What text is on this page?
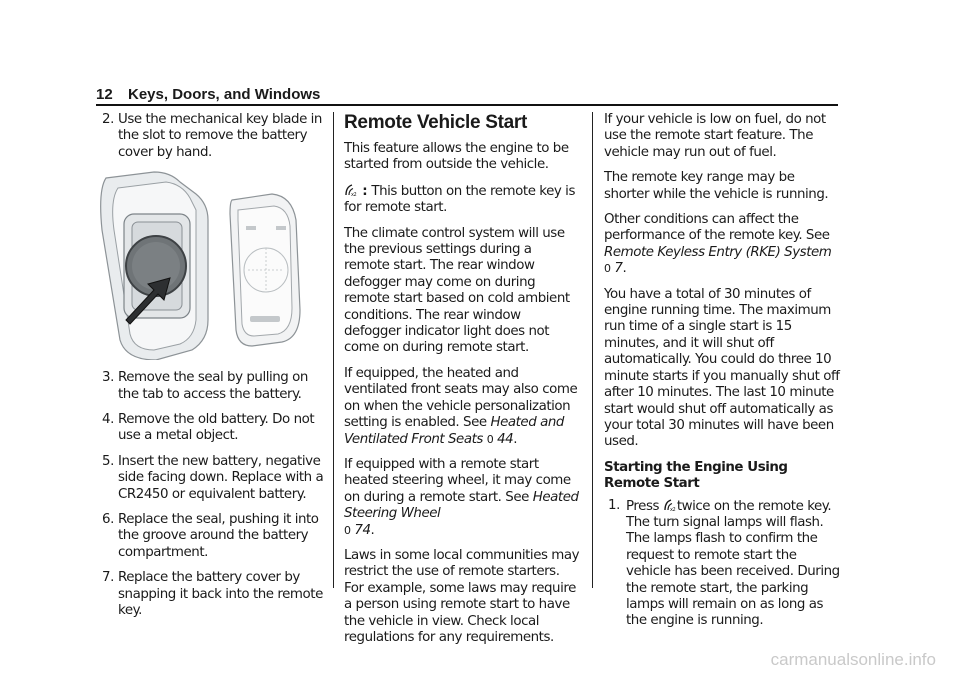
12 Keys, Doors, and Windows
2. Use the mechanical key blade in the slot to remove the battery cover by hand.
3. Remove the seal by pulling on the tab to access the battery.
4. Remove the old battery. Do not use a metal object.
5. Insert the new battery, negative side facing down. Replace with a CR2450 or equivalent battery.
6. Replace the seal, pushing it into the groove around the battery compartment.
7. Replace the battery cover by snapping it back into the remote key.
Remote Vehicle Start

This feature allows the engine to be started from outside the vehicle.

x2 : This button on the remote key is for remote start.

The climate control system will use the previous settings during a remote start. The rear window defogger may come on during remote start based on cold ambient conditions. The rear window defogger indicator light does not come on during remote start.

If equipped, the heated and ventilated front seats may also come on when the vehicle personalization setting is enabled. See Heated and Ventilated Front Seats 0 44.

If equipped with a remote start heated steering wheel, it may come on during a remote start. See Heated Steering Wheel
0 74.

Laws in some local communities may restrict the use of remote starters. For example, some laws may require a person using remote start to have the vehicle in view. Check local regulations for any requirements.

If your vehicle is low on fuel, do not use the remote start feature. The vehicle may run out of fuel.

The remote key range may be shorter while the vehicle is running.

Other conditions can affect the performance of the remote key. See Remote Keyless Entry (RKE) System 0 7.

You have a total of 30 minutes of engine running time. The maximum run time of a single start is 15 minutes, and it will shut off automatically. You could do three 10 minute starts if you manually shut off after 10 minutes. The last 10 minute start would shut off automatically as your total 30 minutes will have been used.

Starting the Engine Using Remote Start
1. Press x2 twice on the remote key. The turn signal lamps will flash. The lamps flash to confirm the request to remote start the vehicle has been received. During the remote start, the parking lamps will remain on as long as the engine is running.
carmanualsonline.info
